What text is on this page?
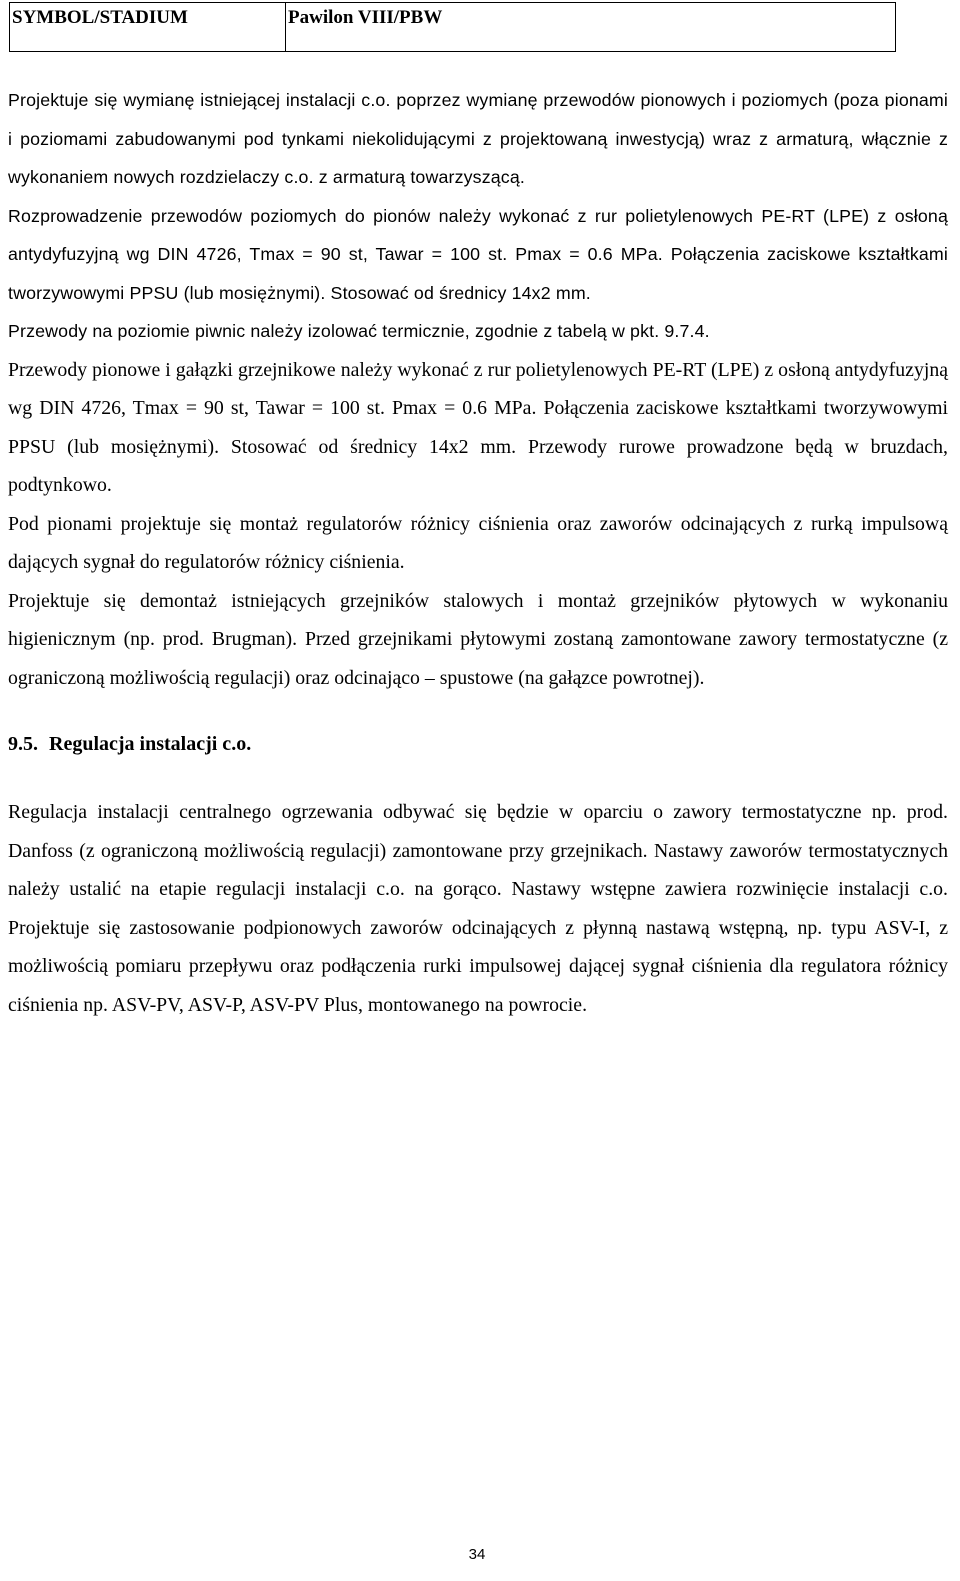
SYMBOL/STADIUM	Pawilon VIII/PBW

Projektuje się wymianę istniejącej instalacji c.o. poprzez wymianę przewodów pionowych i poziomych (poza pionami i poziomami zabudowanymi pod tynkami niekolidującymi z projektowaną inwestycją) wraz z armaturą, włącznie z wykonaniem nowych rozdzielaczy c.o. z armaturą towarzyszącą.

Rozprowadzenie przewodów poziomych do pionów należy wykonać z rur polietylenowych PE-RT (LPE) z osłoną antydyfuzyjną wg DIN 4726, Tmax = 90 st, Tawar = 100 st. Pmax = 0.6 MPa. Połączenia zaciskowe kształtkami tworzywowymi PPSU (lub mosiężnymi). Stosować od średnicy 14x2 mm.

Przewody na poziomie piwnic należy izolować termicznie, zgodnie z tabelą w pkt. 9.7.4.

Przewody pionowe i gałązki grzejnikowe należy wykonać z rur polietylenowych PE-RT (LPE) z osłoną antydyfuzyjną wg DIN 4726, Tmax = 90 st, Tawar = 100 st. Pmax = 0.6 MPa. Połączenia zaciskowe kształtkami tworzywowymi PPSU (lub mosiężnymi). Stosować od średnicy 14x2 mm. Przewody rurowe prowadzone będą w bruzdach, podtynkowo.

Pod pionami projektuje się montaż regulatorów różnicy ciśnienia oraz zaworów odcinających z rurką impulsową dających sygnał do regulatorów różnicy ciśnienia.

Projektuje się demontaż istniejących grzejników stalowych i montaż grzejników płytowych w wykonaniu higienicznym (np. prod. Brugman). Przed grzejnikami płytowymi zostaną zamontowane zawory termostatyczne (z ograniczoną możliwością regulacji) oraz odcinająco – spustowe (na gałązce powrotnej).

9.5. Regulacja instalacji c.o.

Regulacja instalacji centralnego ogrzewania odbywać się będzie w oparciu o zawory termostatyczne np. prod. Danfoss (z ograniczoną możliwością regulacji) zamontowane przy grzejnikach. Nastawy zaworów termostatycznych należy ustalić na etapie regulacji instalacji c.o. na gorąco. Nastawy wstępne zawiera rozwinięcie instalacji c.o. Projektuje się zastosowanie podpionowych zaworów odcinających z płynną nastawą wstępną, np. typu ASV-I, z możliwością pomiaru przepływu oraz podłączenia rurki impulsowej dającej sygnał ciśnienia dla regulatora różnicy ciśnienia np. ASV-PV, ASV-P, ASV-PV Plus, montowanego na powrocie.

34
